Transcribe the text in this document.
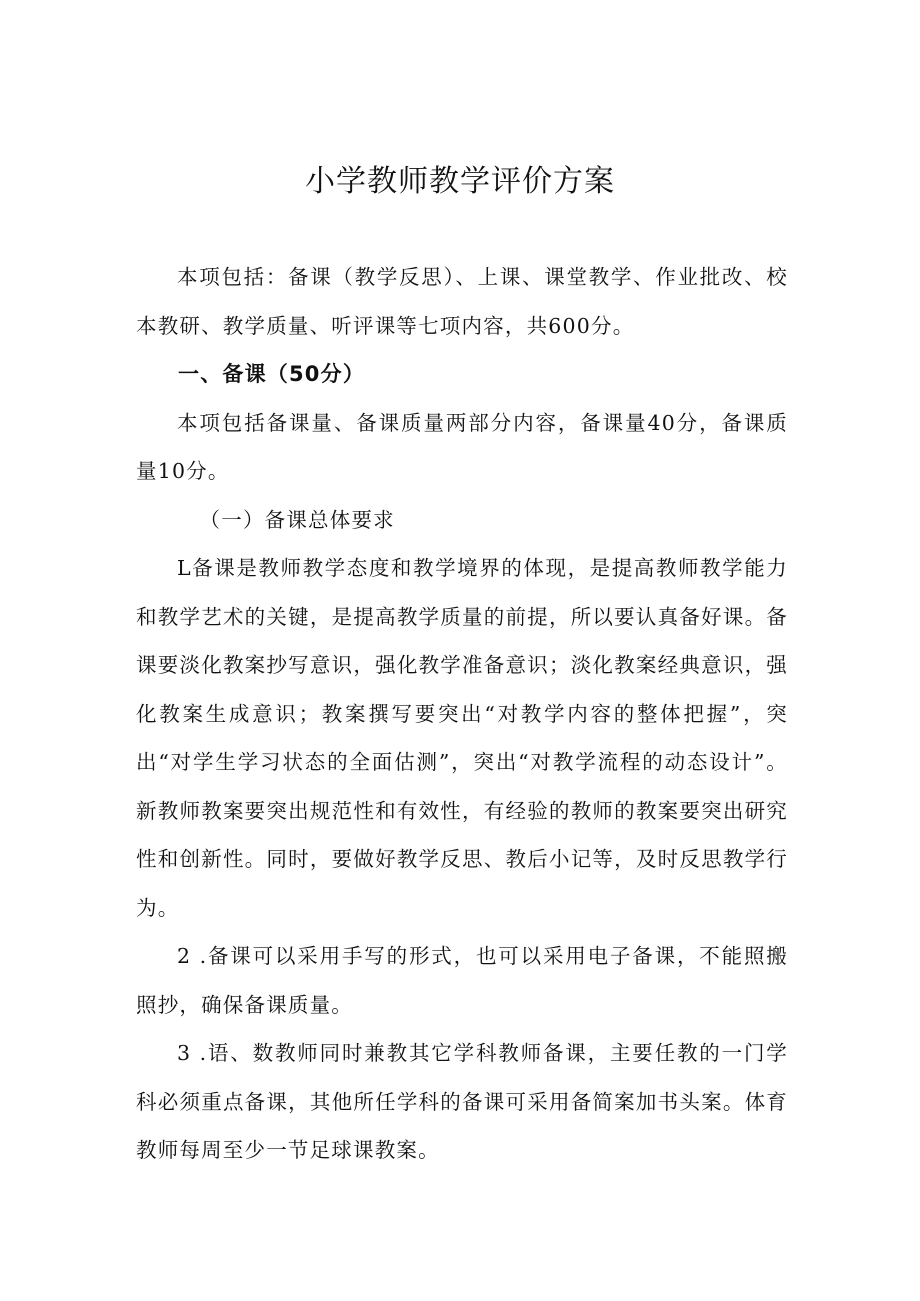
小学教师教学评价方案

本项包括：备课（教学反思）、上课、课堂教学、作业批改、校本教研、教学质量、听评课等七项内容，共600分。

一、备课（50分）

本项包括备课量、备课质量两部分内容，备课量40分，备课质量10分。

（一）备课总体要求

L备课是教师教学态度和教学境界的体现，是提高教师教学能力和教学艺术的关键，是提高教学质量的前提，所以要认真备好课。备课要淡化教案抄写意识，强化教学准备意识；淡化教案经典意识，强化教案生成意识；教案撰写要突出“对教学内容的整体把握”，突出“对学生学习状态的全面估测”，突出“对教学流程的动态设计”。新教师教案要突出规范性和有效性，有经验的教师的教案要突出研究性和创新性。同时，要做好教学反思、教后小记等，及时反思教学行为。

2 .备课可以采用手写的形式，也可以采用电子备课，不能照搬照抄，确保备课质量。

3 .语、数教师同时兼教其它学科教师备课，主要任教的一门学科必须重点备课，其他所任学科的备课可采用备简案加书头案。体育教师每周至少一节足球课教案。
